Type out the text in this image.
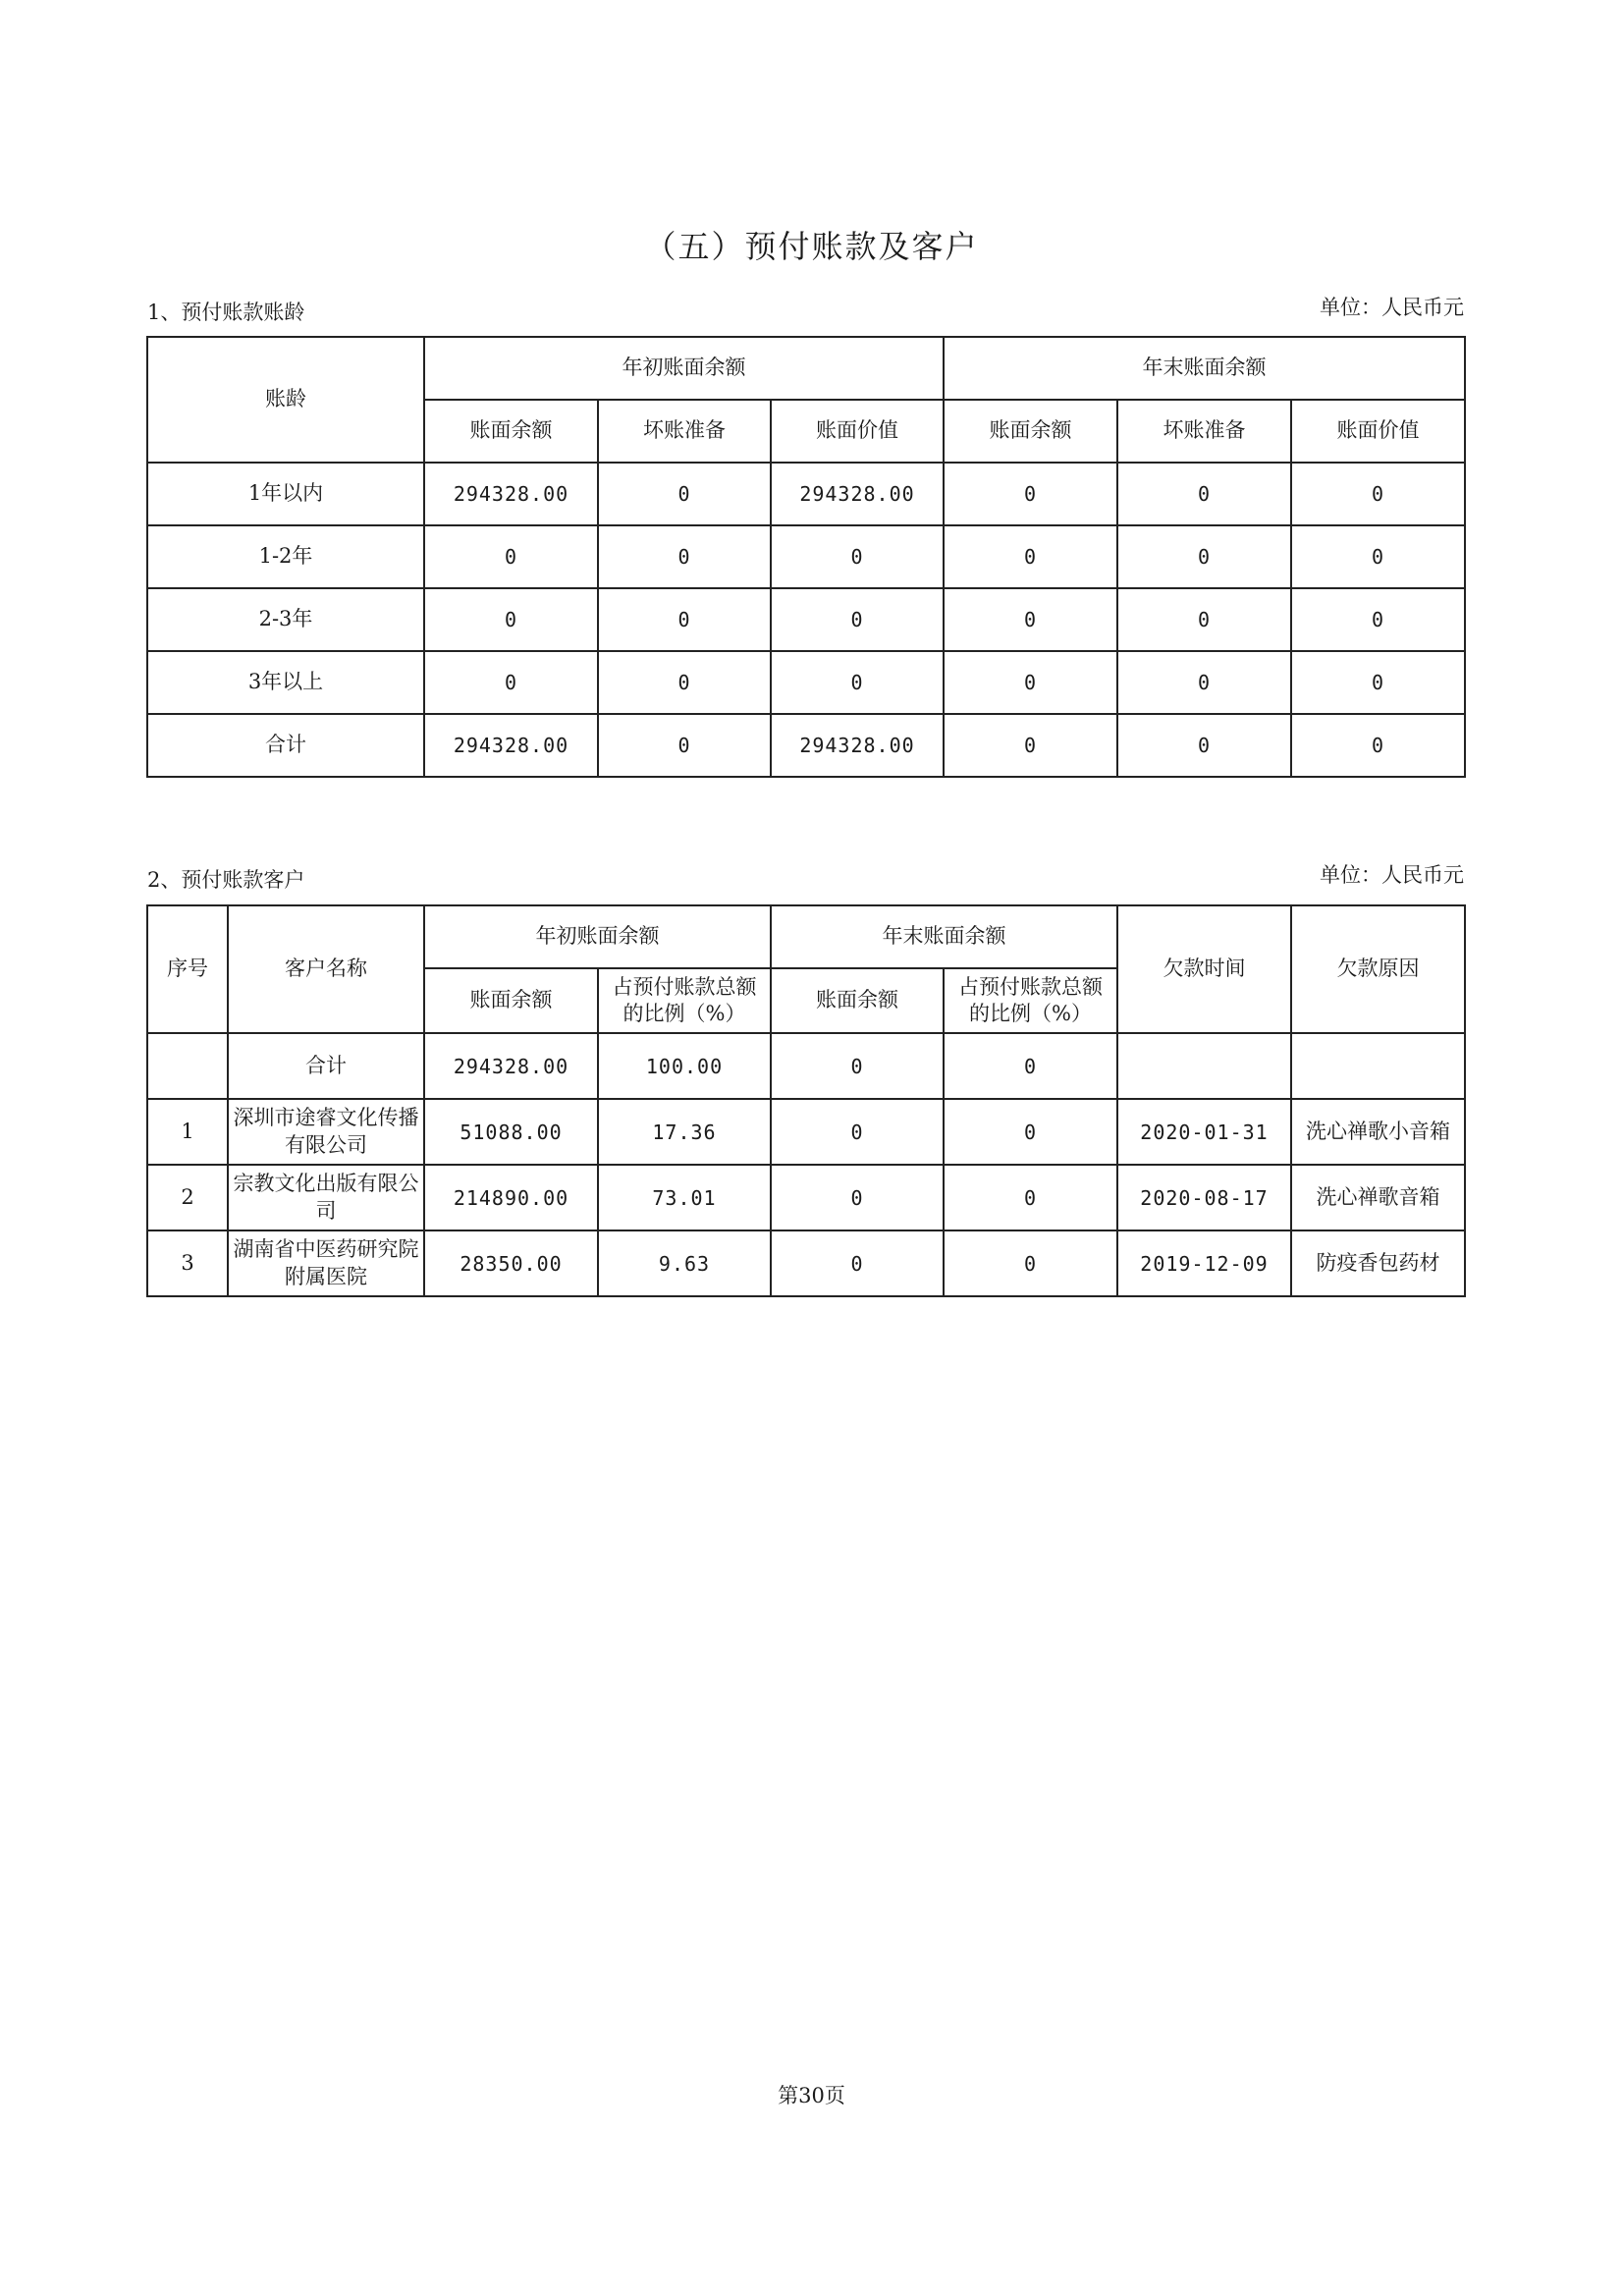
（五）预付账款及客户
1、预付账款账龄	单位：人民币元
账龄	年初账面余额			年末账面余额		
	账面余额	坏账准备	账面价值	账面余额	坏账准备	账面价值
1年以内	294328.00	0	294328.00	0	0	0
1-2年	0	0	0	0	0	0
2-3年	0	0	0	0	0	0
3年以上	0	0	0	0	0	0
合计	294328.00	0	294328.00	0	0	0
2、预付账款客户	单位：人民币元
序号	客户名称	年初账面余额		年末账面余额		欠款时间	欠款原因
		账面余额	占预付账款总额的比例（%）	账面余额	占预付账款总额的比例（%）		
	合计	294328.00	100.00	0	0		
1	深圳市途睿文化传播有限公司	51088.00	17.36	0	0	2020-01-31	洗心禅歌小音箱
2	宗教文化出版有限公司	214890.00	73.01	0	0	2020-08-17	洗心禅歌音箱
3	湖南省中医药研究院附属医院	28350.00	9.63	0	0	2019-12-09	防疫香包药材
第30页
